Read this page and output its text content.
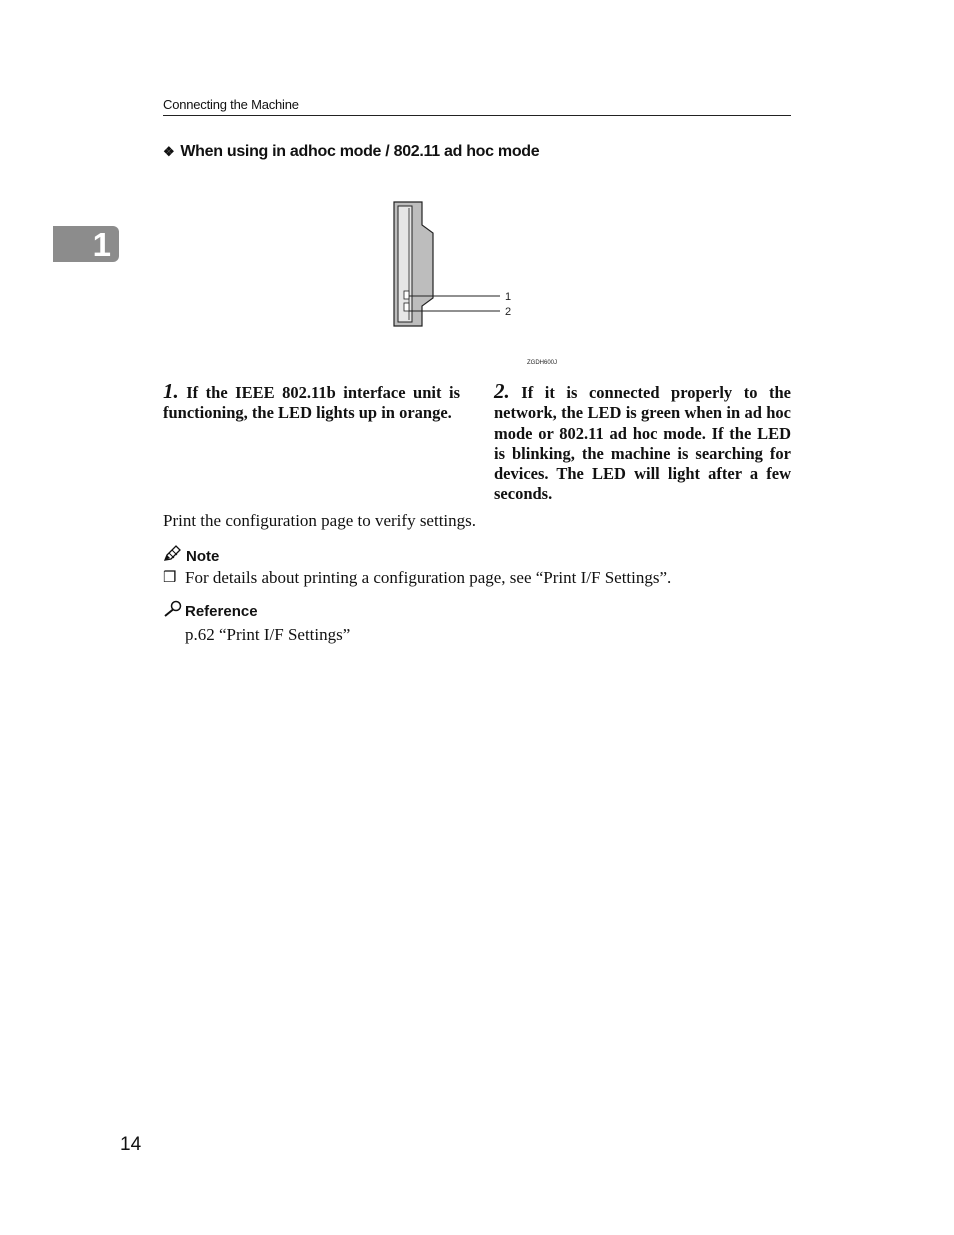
Connecting the Machine
1
❖ When using in adhoc mode / 802.11 ad hoc mode
1
2
ZGDH600J
1. If the IEEE 802.11b interface unit is functioning, the LED lights up in orange.
2. If it is connected properly to the network, the LED is green when in ad hoc mode or 802.11 ad hoc mode. If the LED is blinking, the machine is searching for devices. The LED will light after a few seconds.
Print the configuration page to verify settings.
Note
❒ For details about printing a configuration page, see “Print I/F Settings”.
Reference
p.62 “Print I/F Settings”
14
